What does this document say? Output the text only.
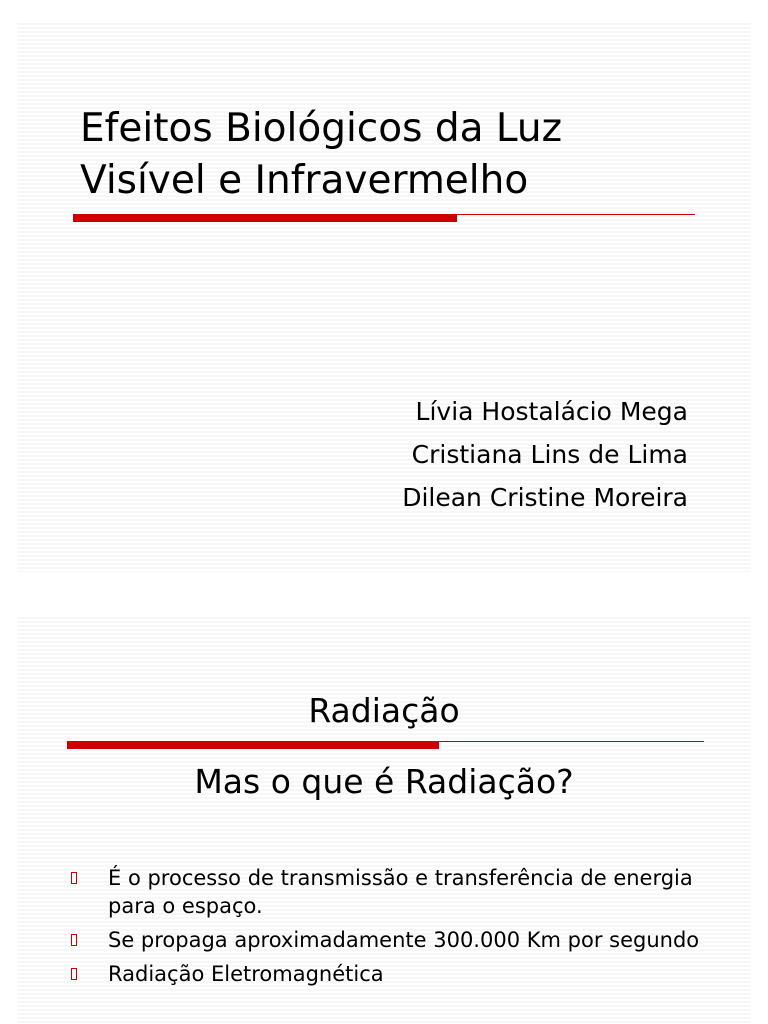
Efeitos Biológicos da Luz
Visível e Infravermelho
Lívia Hostalácio Mega
Cristiana Lins de Lima
Dilean Cristine Moreira
Radiação
Mas o que é Radiação?
É o processo de transmissão e transferência de energia para o espaço.
Se propaga aproximadamente 300.000 Km por segundo
Radiação Eletromagnética
